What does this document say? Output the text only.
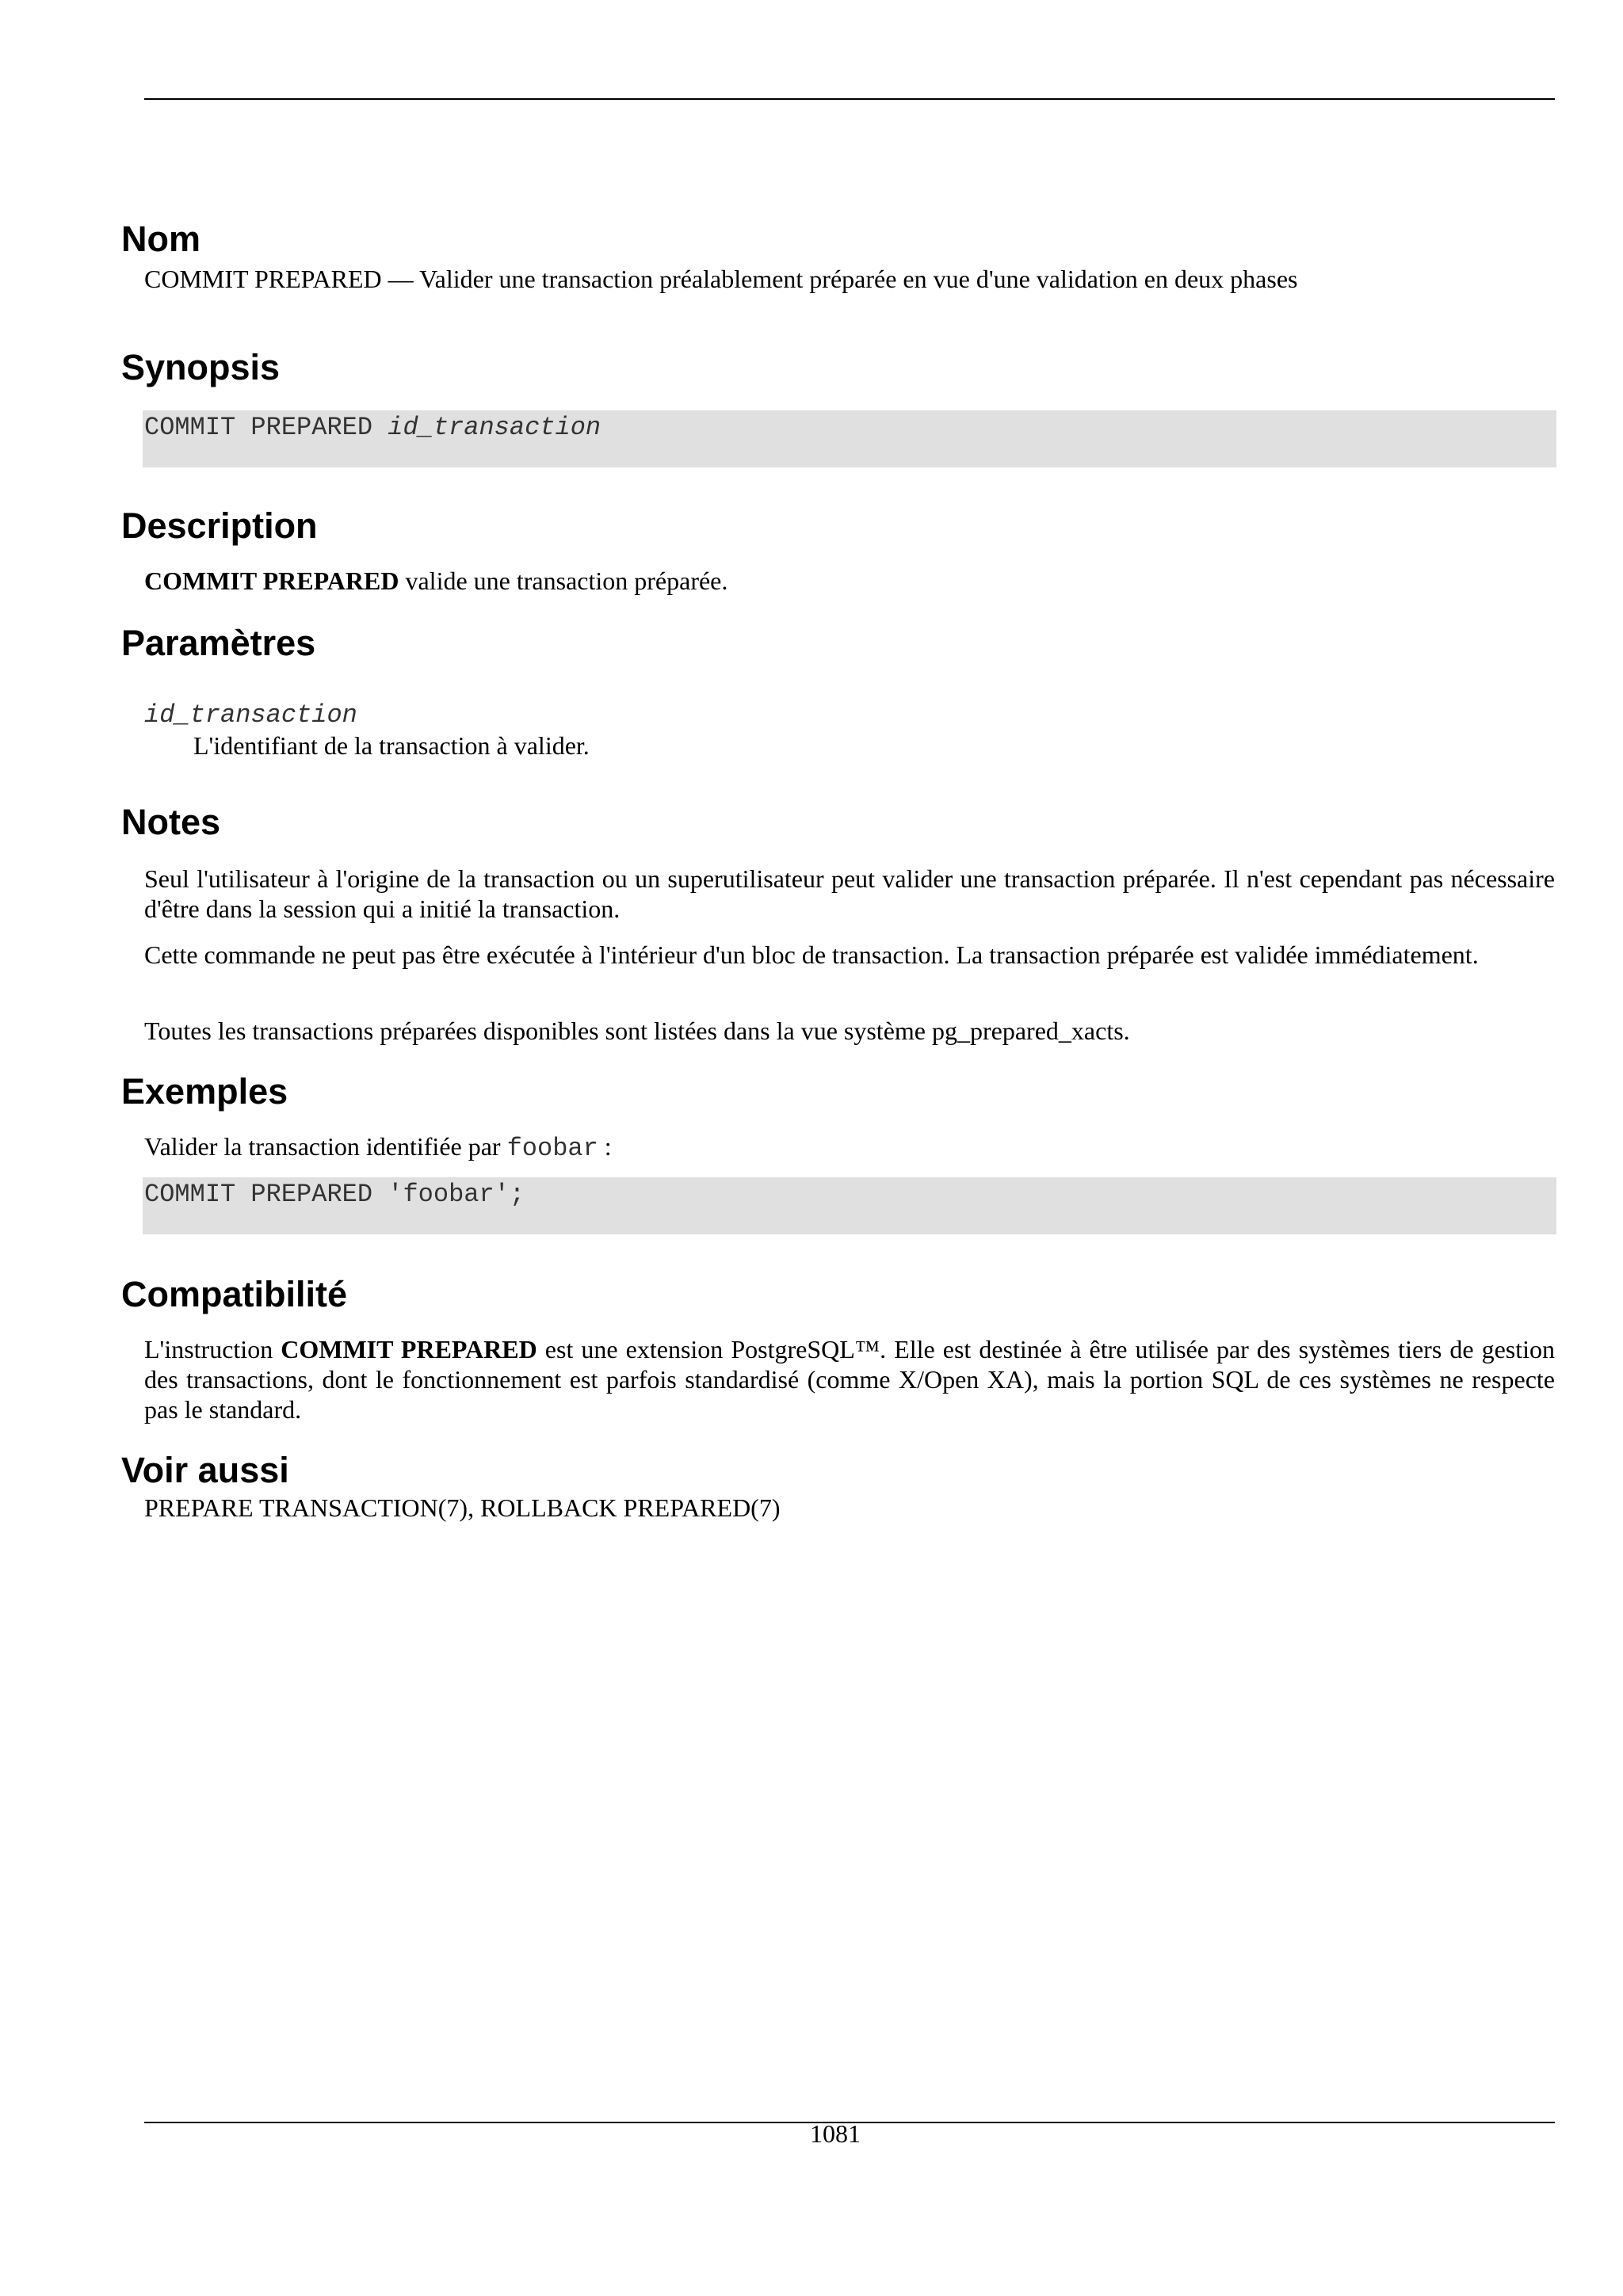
Nom

COMMIT PREPARED — Valider une transaction préalablement préparée en vue d'une validation en deux phases

Synopsis
COMMIT PREPARED id_transaction
Description

COMMIT PREPARED valide une transaction préparée.

Paramètres

id_transaction

L'identifiant de la transaction à valider.

Notes

Seul l'utilisateur à l'origine de la transaction ou un superutilisateur peut valider une transaction préparée. Il n'est cependant pas nécessaire d'être dans la session qui a initié la transaction.

Cette commande ne peut pas être exécutée à l'intérieur d'un bloc de transaction. La transaction préparée est validée immédiatement.

Toutes les transactions préparées disponibles sont listées dans la vue système pg_prepared_xacts.

Exemples

Valider la transaction identifiée par foobar :

COMMIT PREPARED 'foobar';
Compatibilité

L'instruction COMMIT PREPARED est une extension PostgreSQL™. Elle est destinée à être utilisée par des systèmes tiers de gestion des transactions, dont le fonctionnement est parfois standardisé (comme X/Open XA), mais la portion SQL de ces systèmes ne respecte pas le standard.

Voir aussi

PREPARE TRANSACTION(7), ROLLBACK PREPARED(7)

1081
